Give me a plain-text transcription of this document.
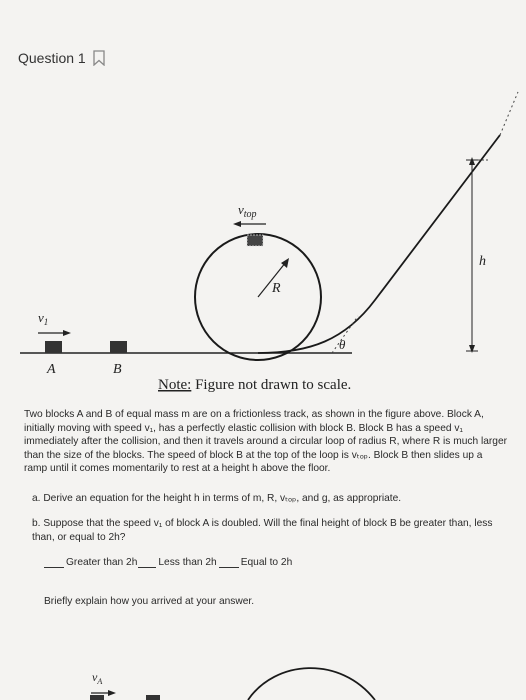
Question 1
$v_{top}$
R
h
θ
$v_1$
A	B
Note: Figure not drawn to scale.
$v_A$
Two blocks A and B of equal mass m are on a frictionless track, as shown in the figure above. Block A, initially moving with speed v₁, has a perfectly elastic collision with block B. Block B has a speed v₁ immediately after the collision, and then it travels around a circular loop of radius R, where R is much larger than the size of the blocks. The speed of block B at the top of the loop is vₜₒₚ. Block B then slides up a ramp until it comes momentarily to rest at a height h above the floor.
a. Derive an equation for the height h in terms of m, R, vₜₒₚ, and g, as appropriate.
b. Suppose that the speed v₁ of block A is doubled. Will the final height of block B be greater than, less than, or equal to 2h?
Greater than 2h Less than 2h Equal to 2h
Briefly explain how you arrived at your answer.
